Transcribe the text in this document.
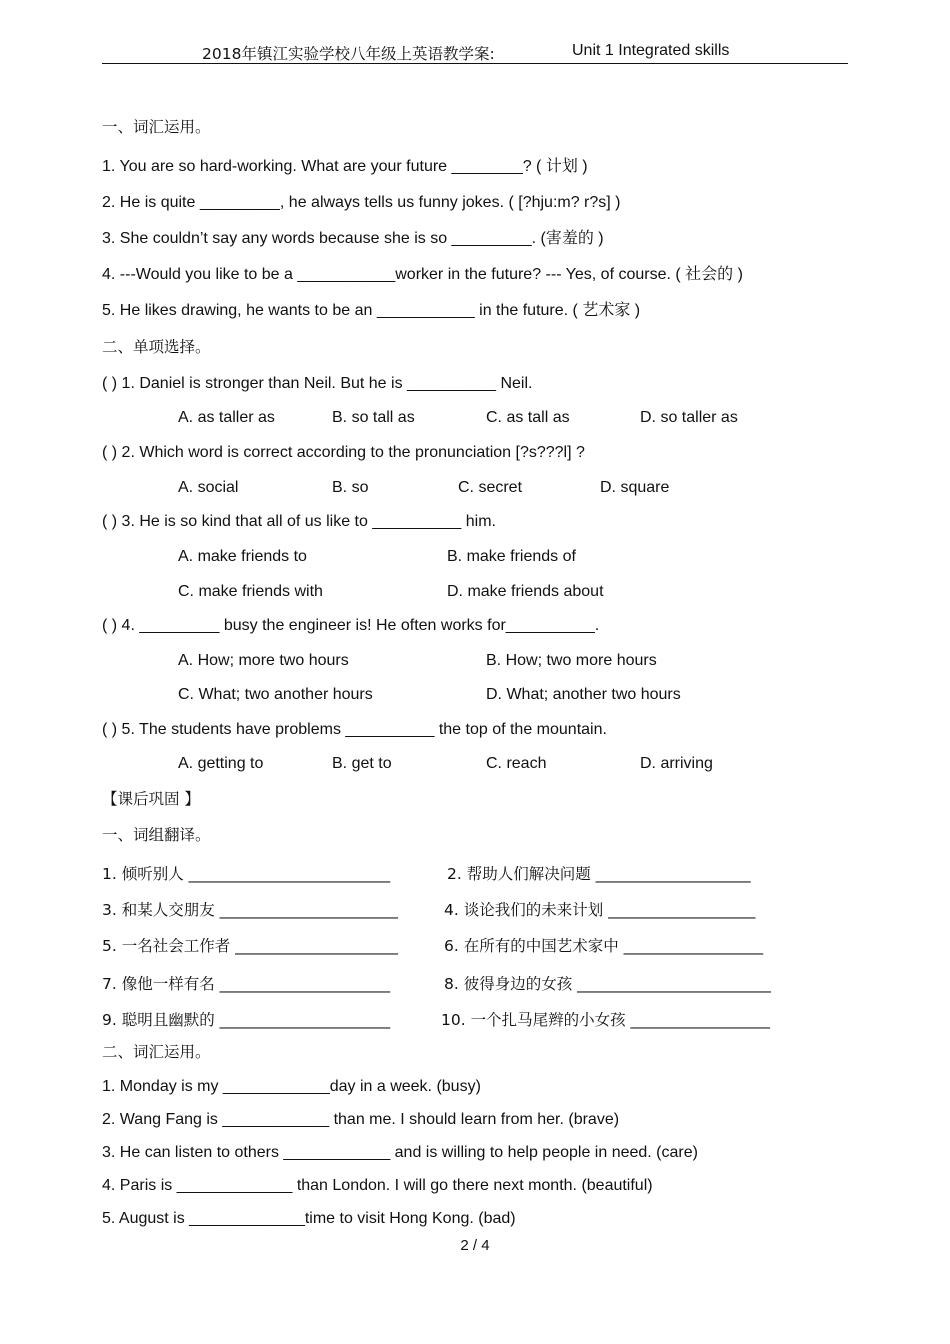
2018年镇江实验学校八年级上英语教学案:	Unit 1 Integrated skills
一、词汇运用。
1. You are so hard-working. What are your future ________? ( 计划 )
2. He is quite _________, he always tells us funny jokes. ( [?hju:m? r?s] )
3. She couldn’t say any words because she is so _________. (害羞的 )
4. ---Would you like to be a ___________worker in the future? --- Yes, of course. ( 社会的 )
5. He likes drawing, he wants to be an ___________ in the future. ( 艺术家 )
二、单项选择。
( ) 1. Daniel is stronger than Neil. But he is __________ Neil.
A. as taller as	B. so tall as	C. as tall as	D. so taller as
( ) 2. Which word is correct according to the pronunciation [?s???l] ?
A. social	B. so	C. secret	D. square
( ) 3. He is so kind that all of us like to __________ him.
A. make friends to	B. make friends of
C. make friends with	D. make friends about
( ) 4. _________ busy the engineer is! He often works for__________.
A. How; more two hours	B. How; two more hours
C. What; two another hours	D. What; another two hours
( ) 5. The students have problems __________ the top of the mountain.
A. getting to	B. get to	C. reach	D. arriving
【课后巩固 】
一、词组翻译。
1. 倾听别人 __________________________	2. 帮助人们解决问题 ____________________
3. 和某人交朋友 _______________________	4. 谈论我们的未来计划 ___________________
5. 一名社会工作者 _____________________	6. 在所有的中国艺术家中 __________________
7. 像他一样有名 ______________________	8. 彼得身边的女孩 _________________________
9. 聪明且幽默的 ______________________	10. 一个扎马尾辫的小女孩 __________________
二、词汇运用。
1. Monday is my ____________day in a week. (busy)
2. Wang Fang is ____________ than me. I should learn from her. (brave)
3. He can listen to others ____________ and is willing to help people in need. (care)
4. Paris is _____________ than London. I will go there next month. (beautiful)
5. August is _____________time to visit Hong Kong. (bad)
2 / 4
